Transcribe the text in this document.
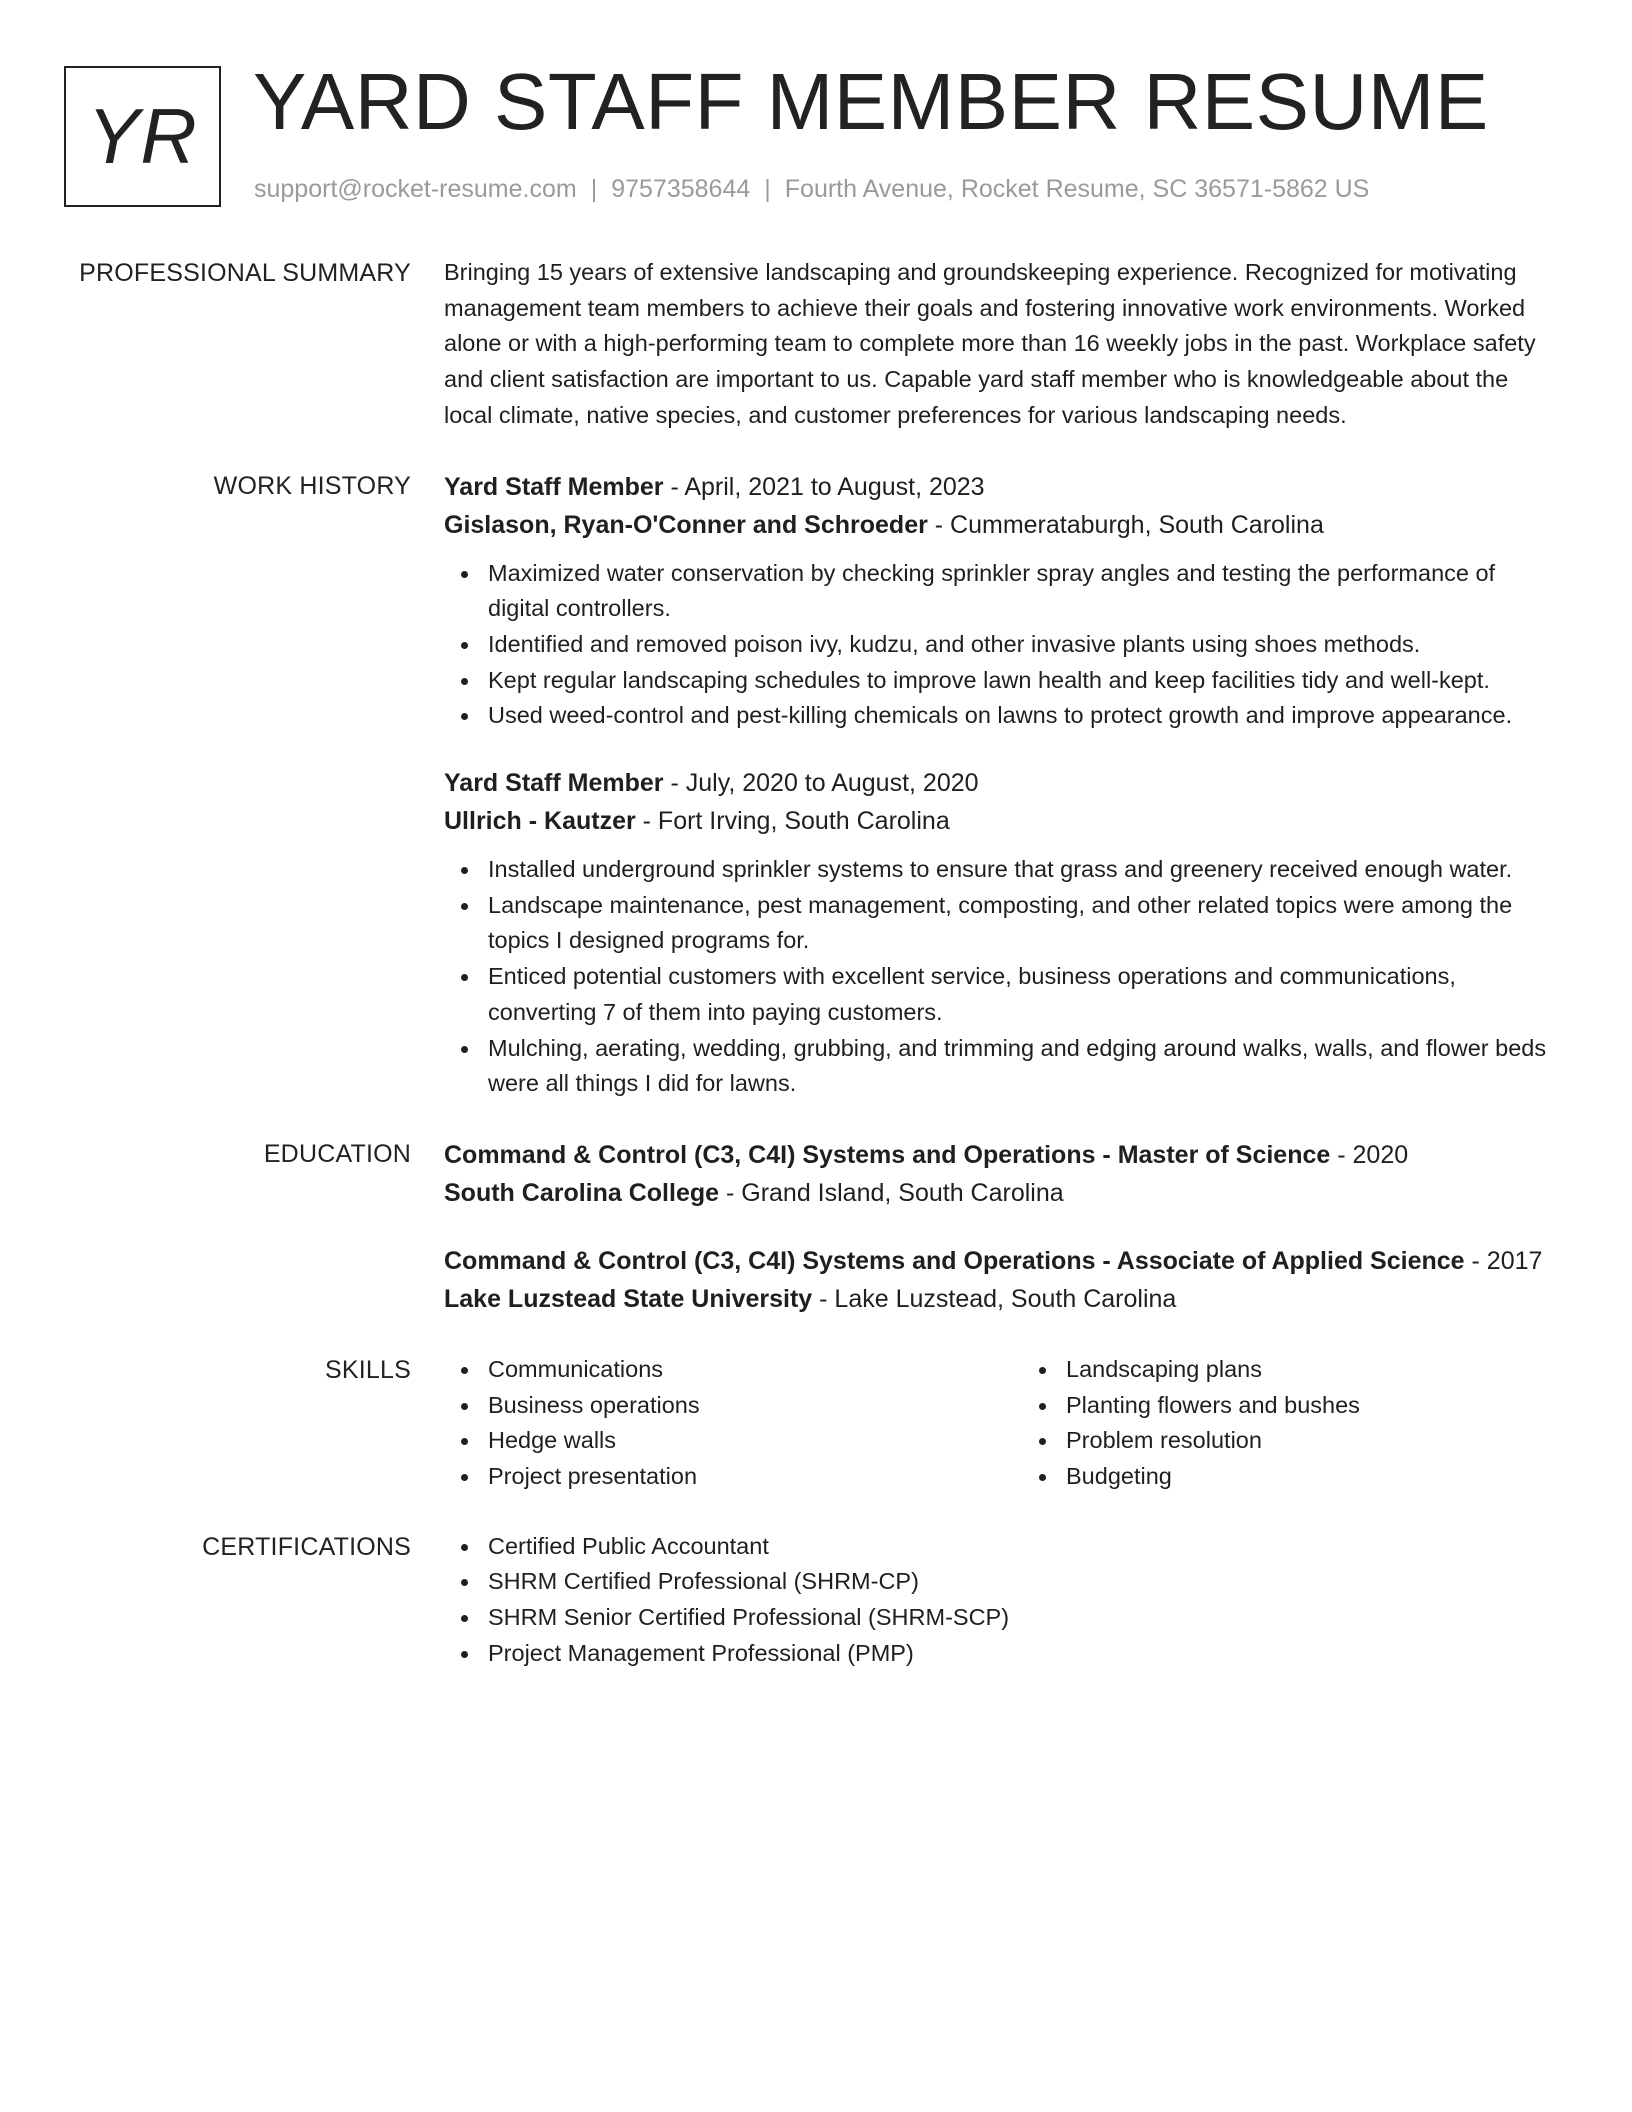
YR YARD STAFF MEMBER RESUME
support@rocket-resume.com | 9757358644 | Fourth Avenue, Rocket Resume, SC 36571-5862 US
PROFESSIONAL SUMMARY Bringing 15 years of extensive landscaping and groundskeeping experience. Recognized for motivating management team members to achieve their goals and fostering innovative work environments. Worked alone or with a high-performing team to complete more than 16 weekly jobs in the past. Workplace safety and client satisfaction are important to us. Capable yard staff member who is knowledgeable about the local climate, native species, and customer preferences for various landscaping needs.

WORK HISTORY Yard Staff Member - April, 2021 to August, 2023
Gislason, Ryan-O'Conner and Schroeder - Cummeratabur​gh, South Carolina
Maximized water conservation by checking sprinkler spray angles and testing the performance of digital controllers.
Identified and removed poison ivy, kudzu, and other invasive plants using shoes methods.
Kept regular landscaping schedules to improve lawn health and keep facilities tidy and well-kept.
Used weed-control and pest-killing chemicals on lawns to protect growth and improve appearance.
Yard Staff Member - July, 2020 to August, 2020
Ullrich - Kautzer - Fort Irving, South Carolina
Installed underground sprinkler systems to ensure that grass and greenery received enough water.
Landscape maintenance, pest management, composting, and other related topics were among the topics I designed programs for.
Enticed potential customers with excellent service, business operations and communications, converting 7 of them into paying customers.
Mulching, aerating, wedding, grubbing, and trimming and edging around walks, walls, and flower beds were all things I did for lawns.
EDUCATION Command & Control (C3, C4I) Systems and Operations - Master of Science - 2020
South Carolina College - Grand Island, South Carolina
Command & Control (C3, C4I) Systems and Operations - Associate of Applied Science - 2017
Lake Luzstead State University - Lake Luzstead, South Carolina
SKILLS	Communications
Business operations
Hedge walls
Project presentation
Landscaping plans
Planting flowers and bushes
Problem resolution
Budgeting
CERTIFICATIONS	Certified Public Accountant
SHRM Certified Professional (SHRM-CP)
SHRM Senior Certified Professional (SHRM-SCP)
Project Management Professional (PMP)
